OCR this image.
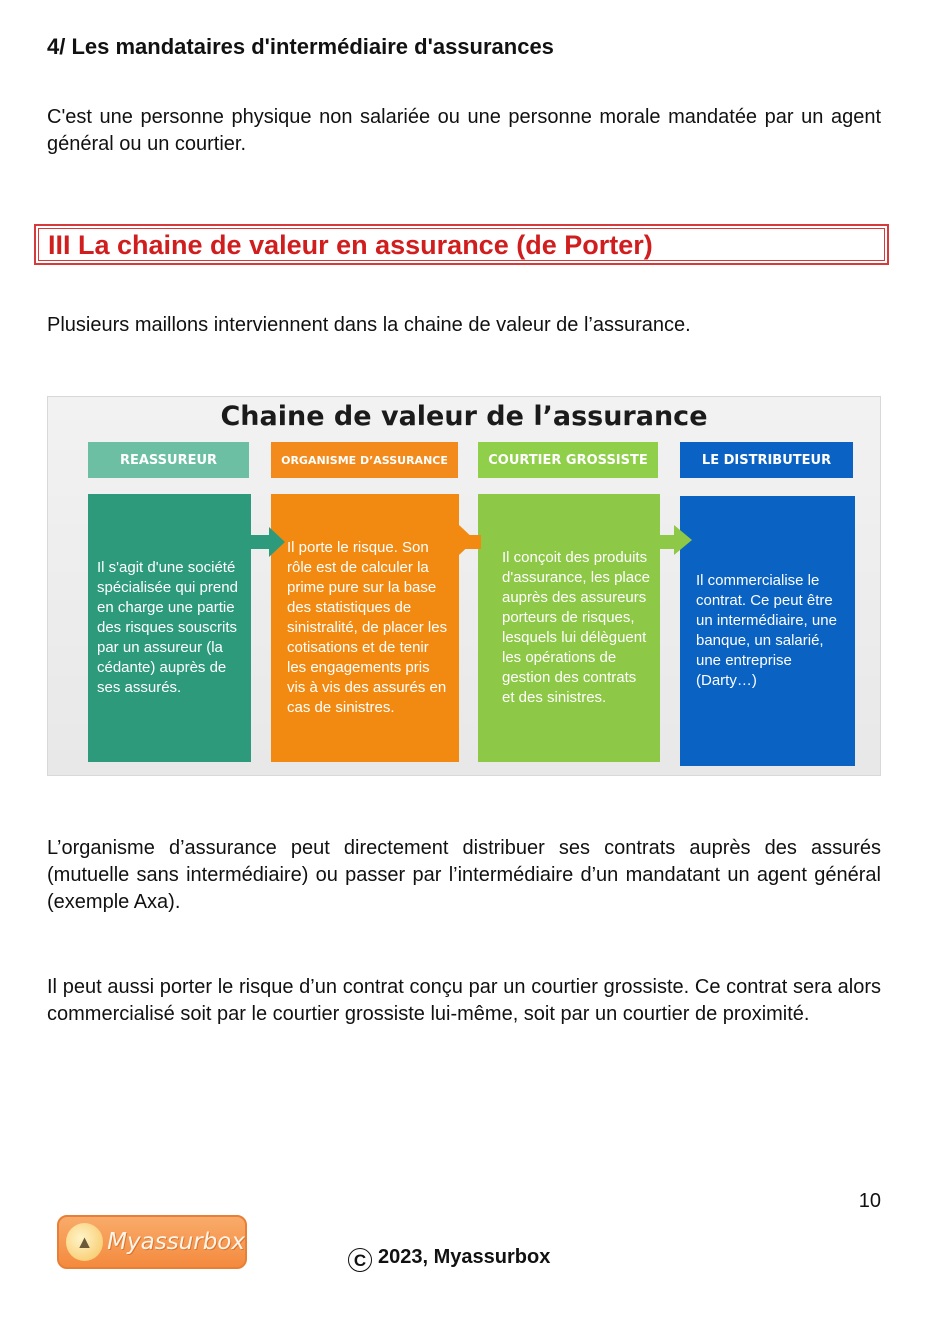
4/ Les mandataires d'intermédiaire d'assurances
C'est une personne physique non salariée ou une personne morale mandatée par un agent général ou un courtier.
III La chaine de valeur en assurance (de Porter)
Plusieurs maillons interviennent dans la chaine de valeur de l’assurance.
Chaine de valeur de l’assurance
REASSUREUR	ORGANISME D’ASSURANCE	COURTIER GROSSISTE	LE DISTRIBUTEUR
Il s'agit d'une société spécialisée qui prend en charge une partie des risques souscrits par un assureur (la cédante) auprès de ses assurés.
Il porte le risque. Son rôle est de calculer la prime pure sur la base des statistiques de sinistralité, de placer les cotisations et de tenir les engagements pris vis à vis des assurés en cas de sinistres.
Il conçoit des produits d'assurance, les place auprès des assureurs porteurs de risques, lesquels lui délèguent les opérations de gestion des contrats et des sinistres.
Il commercialise le contrat. Ce peut être un intermédiaire, une banque, un salarié, une entreprise (Darty…)
L’organisme d’assurance peut directement distribuer ses contrats auprès des assurés (mutuelle sans intermédiaire) ou passer par l’intermédiaire d’un mandatant un agent général (exemple Axa).
Il peut aussi porter le risque d’un contrat conçu par un courtier grossiste. Ce contrat sera alors commercialisé soit par le courtier grossiste lui-même, soit par un courtier de proximité.
10
▲ Myassurbox
C 2023, Myassurbox
